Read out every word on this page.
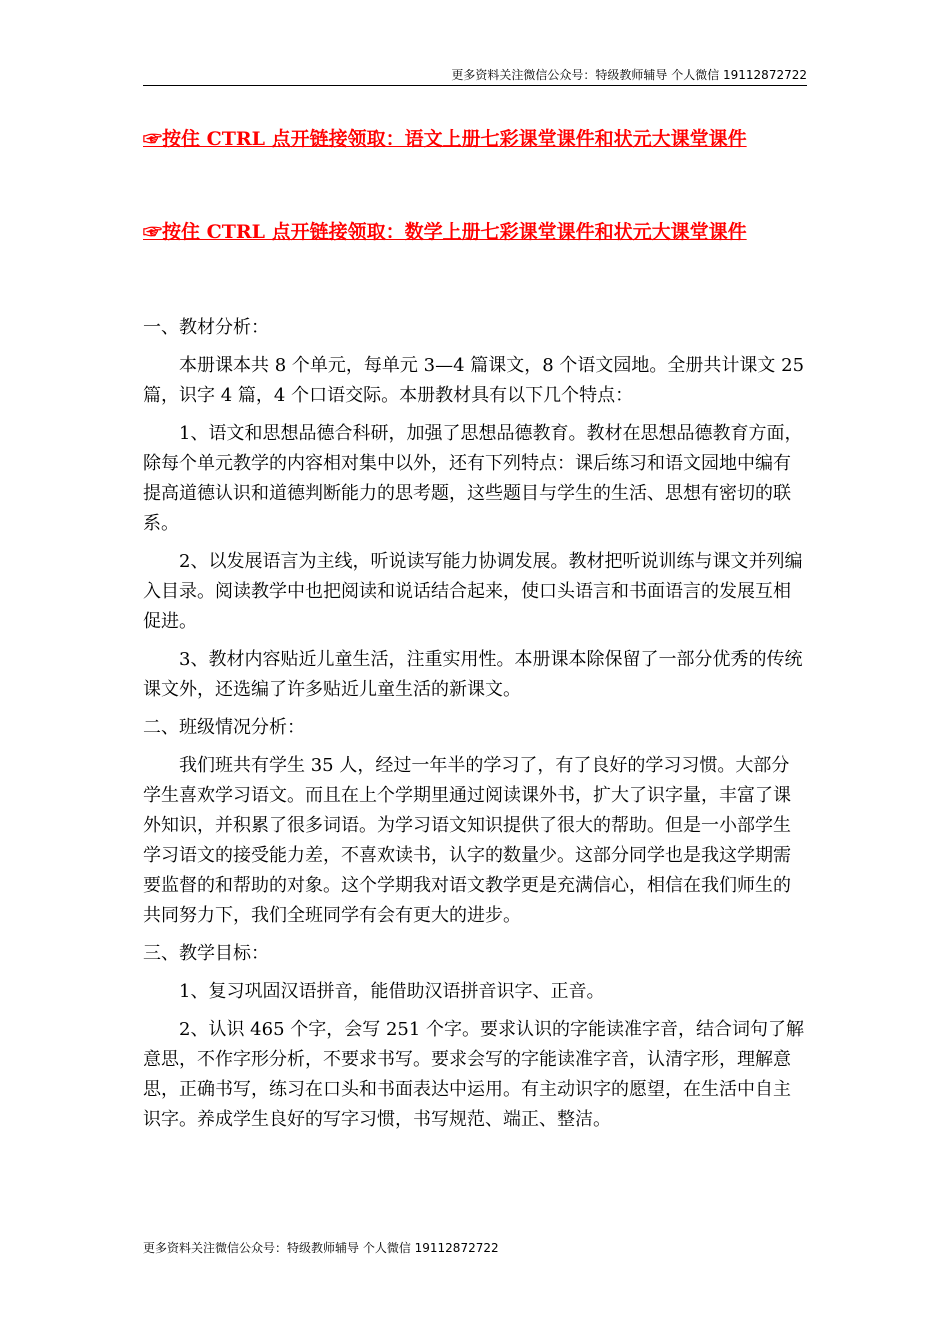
更多资料关注微信公众号：特级教师辅导 个人微信 19112872722
☞按住 CTRL 点开链接领取：语文上册七彩课堂课件和状元大课堂课件
☞按住 CTRL 点开链接领取：数学上册七彩课堂课件和状元大课堂课件

一、教材分析：

本册课本共 8 个单元，每单元 3—4 篇课文，8 个语文园地。全册共计课文 25 篇，识字 4 篇，4 个口语交际。本册教材具有以下几个特点：

1、语文和思想品德合科研，加强了思想品德教育。教材在思想品德教育方面，除每个单元教学的内容相对集中以外，还有下列特点：课后练习和语文园地中编有提高道德认识和道德判断能力的思考题，这些题目与学生的生活、思想有密切的联系。

2、以发展语言为主线，听说读写能力协调发展。教材把听说训练与课文并列编入目录。阅读教学中也把阅读和说话结合起来，使口头语言和书面语言的发展互相促进。

3、教材内容贴近儿童生活，注重实用性。本册课本除保留了一部分优秀的传统课文外，还选编了许多贴近儿童生活的新课文。

二、班级情况分析：

我们班共有学生 35 人，经过一年半的学习了，有了良好的学习习惯。大部分学生喜欢学习语文。而且在上个学期里通过阅读课外书，扩大了识字量，丰富了课外知识，并积累了很多词语。为学习语文知识提供了很大的帮助。但是一小部学生学习语文的接受能力差，不喜欢读书，认字的数量少。这部分同学也是我这学期需要监督的和帮助的对象。这个学期我对语文教学更是充满信心，相信在我们师生的共同努力下，我们全班同学有会有更大的进步。

三、教学目标：

1、复习巩固汉语拼音，能借助汉语拼音识字、正音。

2、认识 465 个字，会写 251 个字。要求认识的字能读准字音，结合词句了解意思，不作字形分析，不要求书写。要求会写的字能读准字音，认清字形，理解意思，正确书写，练习在口头和书面表达中运用。有主动识字的愿望，在生活中自主识字。养成学生良好的写字习惯，书写规范、端正、整洁。

更多资料关注微信公众号：特级教师辅导 个人微信 19112872722
